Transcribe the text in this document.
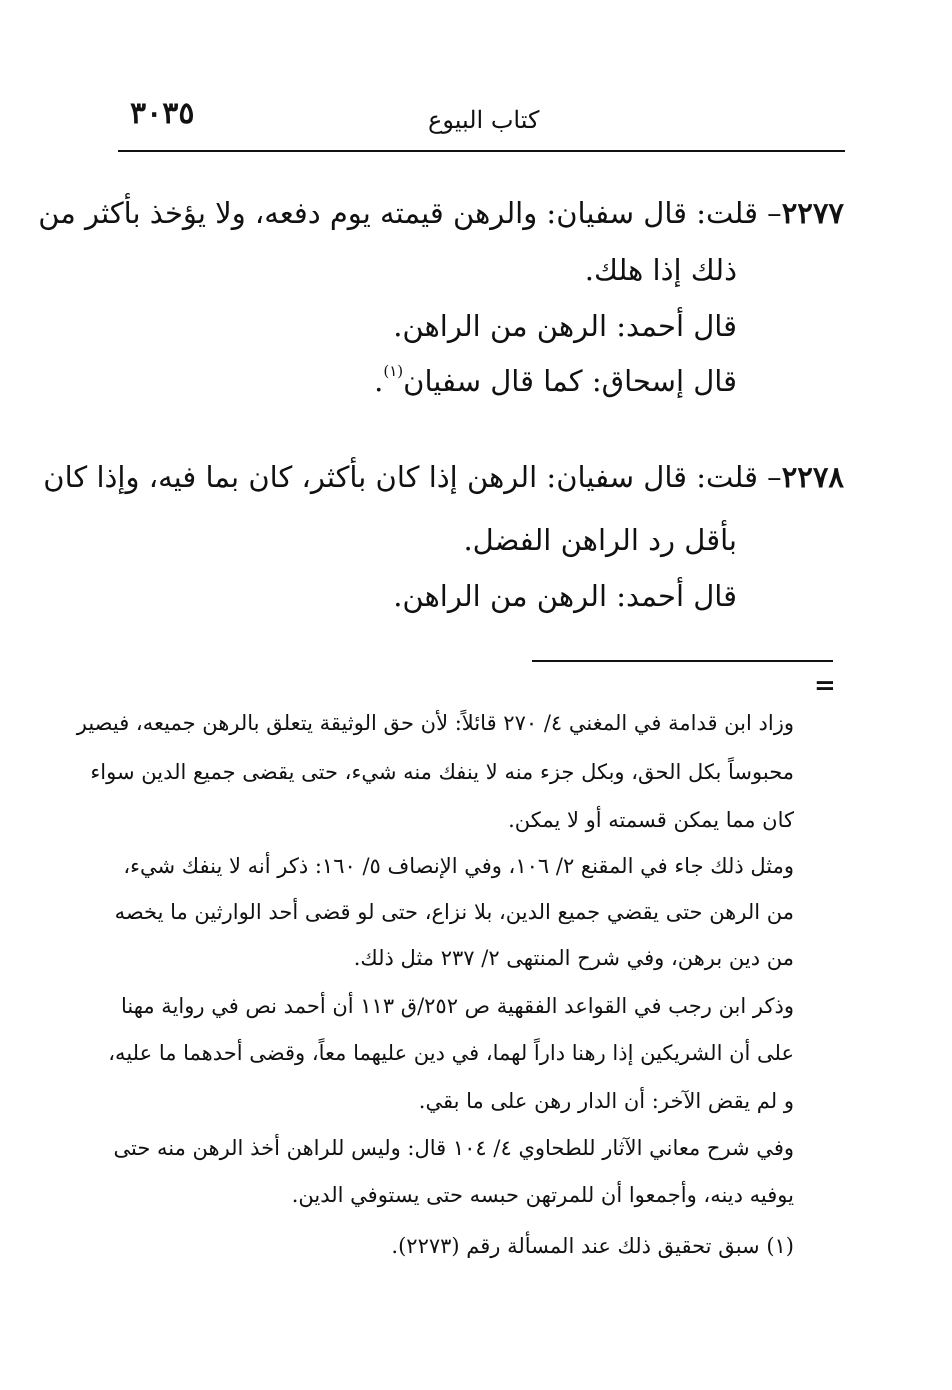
٣٠٣٥	كتاب البيوع
٢٢٧٧– قلت: قال سفيان: والرهن قيمته يوم دفعه، ولا يؤخذ بأكثر من
ذلك إذا هلك.
قال أحمد: الرهن من الراهن.
قال إسحاق: كما قال سفيان$^{(١)}$.
٢٢٧٨– قلت: قال سفيان: الرهن إذا كان بأكثر، كان بما فيه، وإذا كان
بأقل رد الراهن الفضل.
قال أحمد: الرهن من الراهن.
=
وزاد ابن قدامة في المغني ٤/ ٢٧٠ قائلاً: لأن حق الوثيقة يتعلق بالرهن جميعه، فيصير
محبوساً بكل الحق، وبكل جزء منه لا ينفك منه شيء، حتى يقضى جميع الدين سواء
كان مما يمكن قسمته أو لا يمكن.
ومثل ذلك جاء في المقنع ٢/ ١٠٦، وفي الإنصاف ٥/ ١٦٠: ذكر أنه لا ينفك شيء،
من الرهن حتى يقضي جميع الدين، بلا نزاع، حتى لو قضى أحد الوارثين ما يخصه
من دين برهن، وفي شرح المنتهى ٢/ ٢٣٧ مثل ذلك.
وذكر ابن رجب في القواعد الفقهية ص ٢٥٢/ق ١١٣ أن أحمد نص في رواية مهنا
على أن الشريكين إذا رهنا داراً لهما، في دين عليهما معاً، وقضى أحدهما ما عليه،
و لم يقض الآخر: أن الدار رهن على ما بقي.
وفي شرح معاني الآثار للطحاوي ٤/ ١٠٤ قال: وليس للراهن أخذ الرهن منه حتى
يوفيه دينه، وأجمعوا أن للمرتهن حبسه حتى يستوفي الدين.
(١) سبق تحقيق ذلك عند المسألة رقم (٢٢٧٣).
